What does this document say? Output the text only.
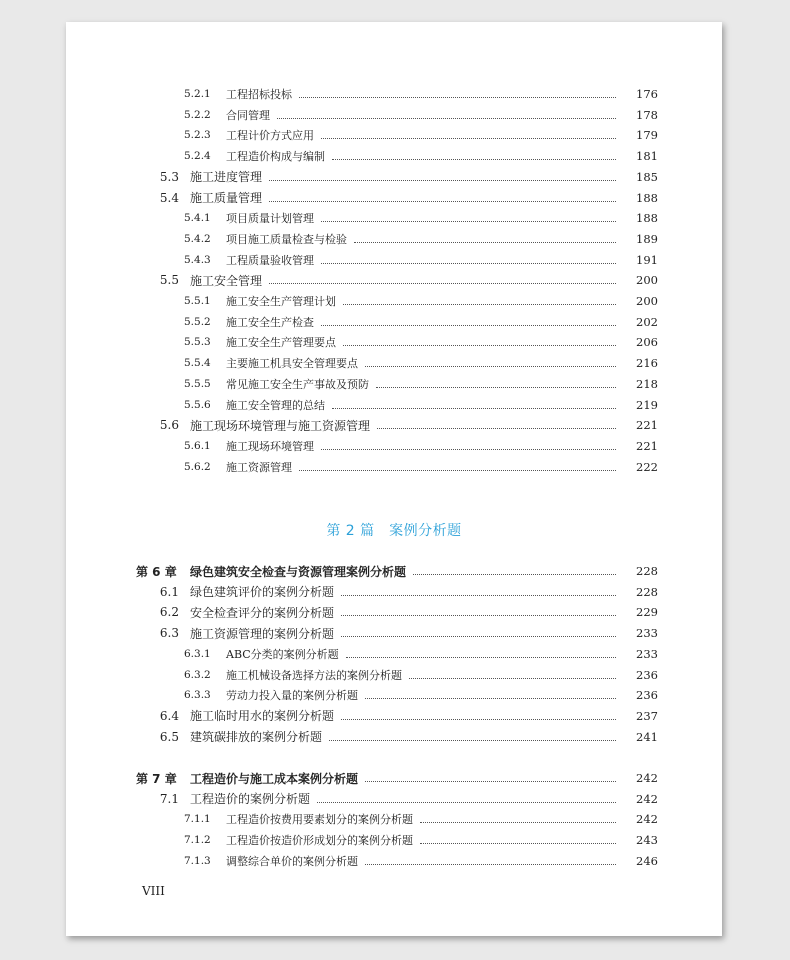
5.2.1	工程招标投标	176
5.2.2	合同管理	178
5.2.3	工程计价方式应用	179
5.2.4	工程造价构成与编制	181
5.3 施工进度管理	185
5.4 施工质量管理	188
5.4.1	项目质量计划管理	188
5.4.2	项目施工质量检查与检验	189
5.4.3	工程质量验收管理	191
5.5 施工安全管理	200
5.5.1	施工安全生产管理计划	200
5.5.2	施工安全生产检查	202
5.5.3	施工安全生产管理要点	206
5.5.4	主要施工机具安全管理要点	216
5.5.5	常见施工安全生产事故及预防	218
5.5.6	施工安全管理的总结	219
5.6 施工现场环境管理与施工资源管理	221
5.6.1	施工现场环境管理	221
5.6.2	施工资源管理	222
第 6 章	绿色建筑安全检查与资源管理案例分析题	228
6.1 绿色建筑评价的案例分析题	228
6.2 安全检查评分的案例分析题	229
6.3 施工资源管理的案例分析题	233
6.3.1	ABC分类的案例分析题	233
6.3.2	施工机械设备选择方法的案例分析题	236
6.3.3	劳动力投入量的案例分析题	236
6.4 施工临时用水的案例分析题	237
6.5 建筑碳排放的案例分析题	241
第 7 章	工程造价与施工成本案例分析题	242
7.1 工程造价的案例分析题	242
7.1.1	工程造价按费用要素划分的案例分析题	242
7.1.2	工程造价按造价形成划分的案例分析题	243
7.1.3	调整综合单价的案例分析题	246
第 2 篇　案例分析题
VIII
